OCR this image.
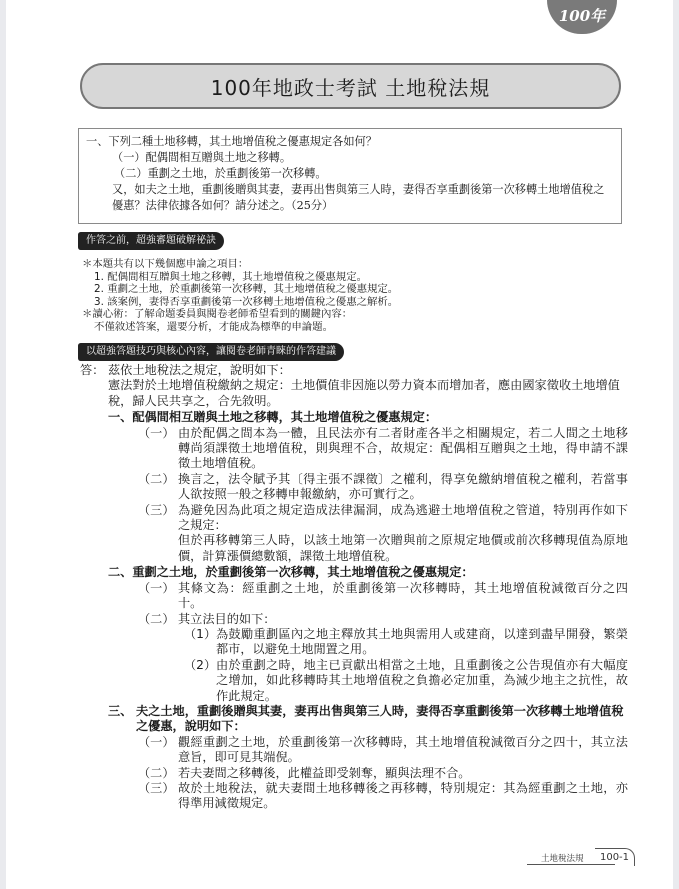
100年
100年地政士考試 土地稅法規
一、下列二種土地移轉，其土地增值稅之優惠規定各如何？
（一）配偶間相互贈與土地之移轉。
（二）重劃之土地，於重劃後第一次移轉。
又，如夫之土地，重劃後贈與其妻，妻再出售與第三人時，妻得否享重劃後第一次移轉土地增值稅之優惠？法律依據各如何？請分述之。（25分）
作答之前，超強審題破解祕訣
＊本題共有以下幾個應申論之項目：
1. 配偶間相互贈與土地之移轉，其土地增值稅之優惠規定。
2. 重劃之土地，於重劃後第一次移轉，其土地增值稅之優惠規定。
3. 該案例，妻得否享重劃後第一次移轉土地增值稅之優惠之解析。
＊讀心術：了解命題委員與閱卷老師希望看到的關鍵內容：
不僅敘述答案，還要分析，才能成為標準的申論題。
以超強答題技巧與核心內容，讓閱卷老師青睞的作答建議
答： 茲依土地稅法之規定，說明如下：
憲法對於土地增值稅繳納之規定：土地價值非因施以勞力資本而增加者，應由國家徵收土地增值稅，歸人民共享之，合先敘明。
一、配偶間相互贈與土地之移轉，其土地增值稅之優惠規定：
（一） 由於配偶之間本為一體，且民法亦有二者財產各半之相關規定，若二人間之土地移轉尚須課徵土地增值稅，則與理不合，故規定：配偶相互贈與之土地，得申請不課徵土地增值稅。
（二） 換言之，法令賦予其〔得主張不課徵〕之權利，得享免繳納增值稅之權利，若當事人欲按照一般之移轉申報繳納，亦可實行之。
（三） 為避免因為此項之規定造成法律漏洞，成為逃避土地增值稅之管道，特別再作如下之規定：
但於再移轉第三人時，以該土地第一次贈與前之原規定地價或前次移轉現值為原地價，計算漲價總數額，課徵土地增值稅。
二、重劃之土地，於重劃後第一次移轉，其土地增值稅之優惠規定：
（一） 其條文為：經重劃之土地，於重劃後第一次移轉時，其土地增值稅減徵百分之四十。
（二） 其立法目的如下：
（1） 為鼓勵重劃區內之地主釋放其土地與需用人或建商，以達到盡早開發，繁榮都市，以避免土地閒置之用。
（2） 由於重劃之時，地主已貢獻出相當之土地，且重劃後之公告現值亦有大幅度之增加，如此移轉時其土地增值稅之負擔必定加重，為減少地主之抗性，故作此規定。
三、 夫之土地，重劃後贈與其妻，妻再出售與第三人時，妻得否享重劃後第一次移轉土地增值稅之優惠，說明如下：
（一） 觀經重劃之土地，於重劃後第一次移轉時，其土地增值稅減徵百分之四十，其立法意旨，即可見其端倪。
（二） 若夫妻間之移轉後，此權益即受剝奪，顯與法理不合。
（三） 故於土地稅法，就夫妻間土地移轉後之再移轉，特別規定：其為經重劃之土地，亦得準用減徵規定。
土地稅法規	100-1
